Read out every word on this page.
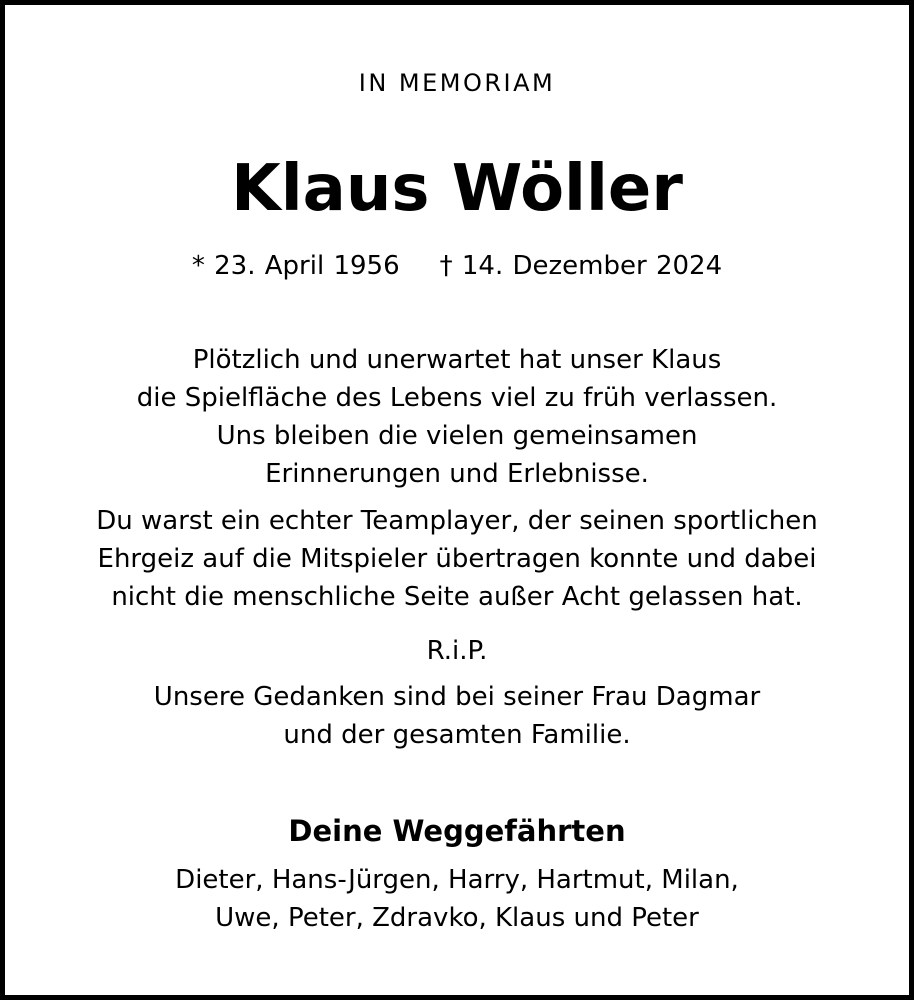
IN MEMORIAM
Klaus Wöller
* 23. April 1956 † 14. Dezember 2024
Plötzlich und unerwartet hat unser Klaus
die Spielfläche des Lebens viel zu früh verlassen.
Uns bleiben die vielen gemeinsamen
Erinnerungen und Erlebnisse.
Du warst ein echter Teamplayer, der seinen sportlichen
Ehrgeiz auf die Mitspieler übertragen konnte und dabei
nicht die menschliche Seite außer Acht gelassen hat.
R.i.P.
Unsere Gedanken sind bei seiner Frau Dagmar
und der gesamten Familie.
Deine Weggefährten
Dieter, Hans-Jürgen, Harry, Hartmut, Milan,
Uwe, Peter, Zdravko, Klaus und Peter
